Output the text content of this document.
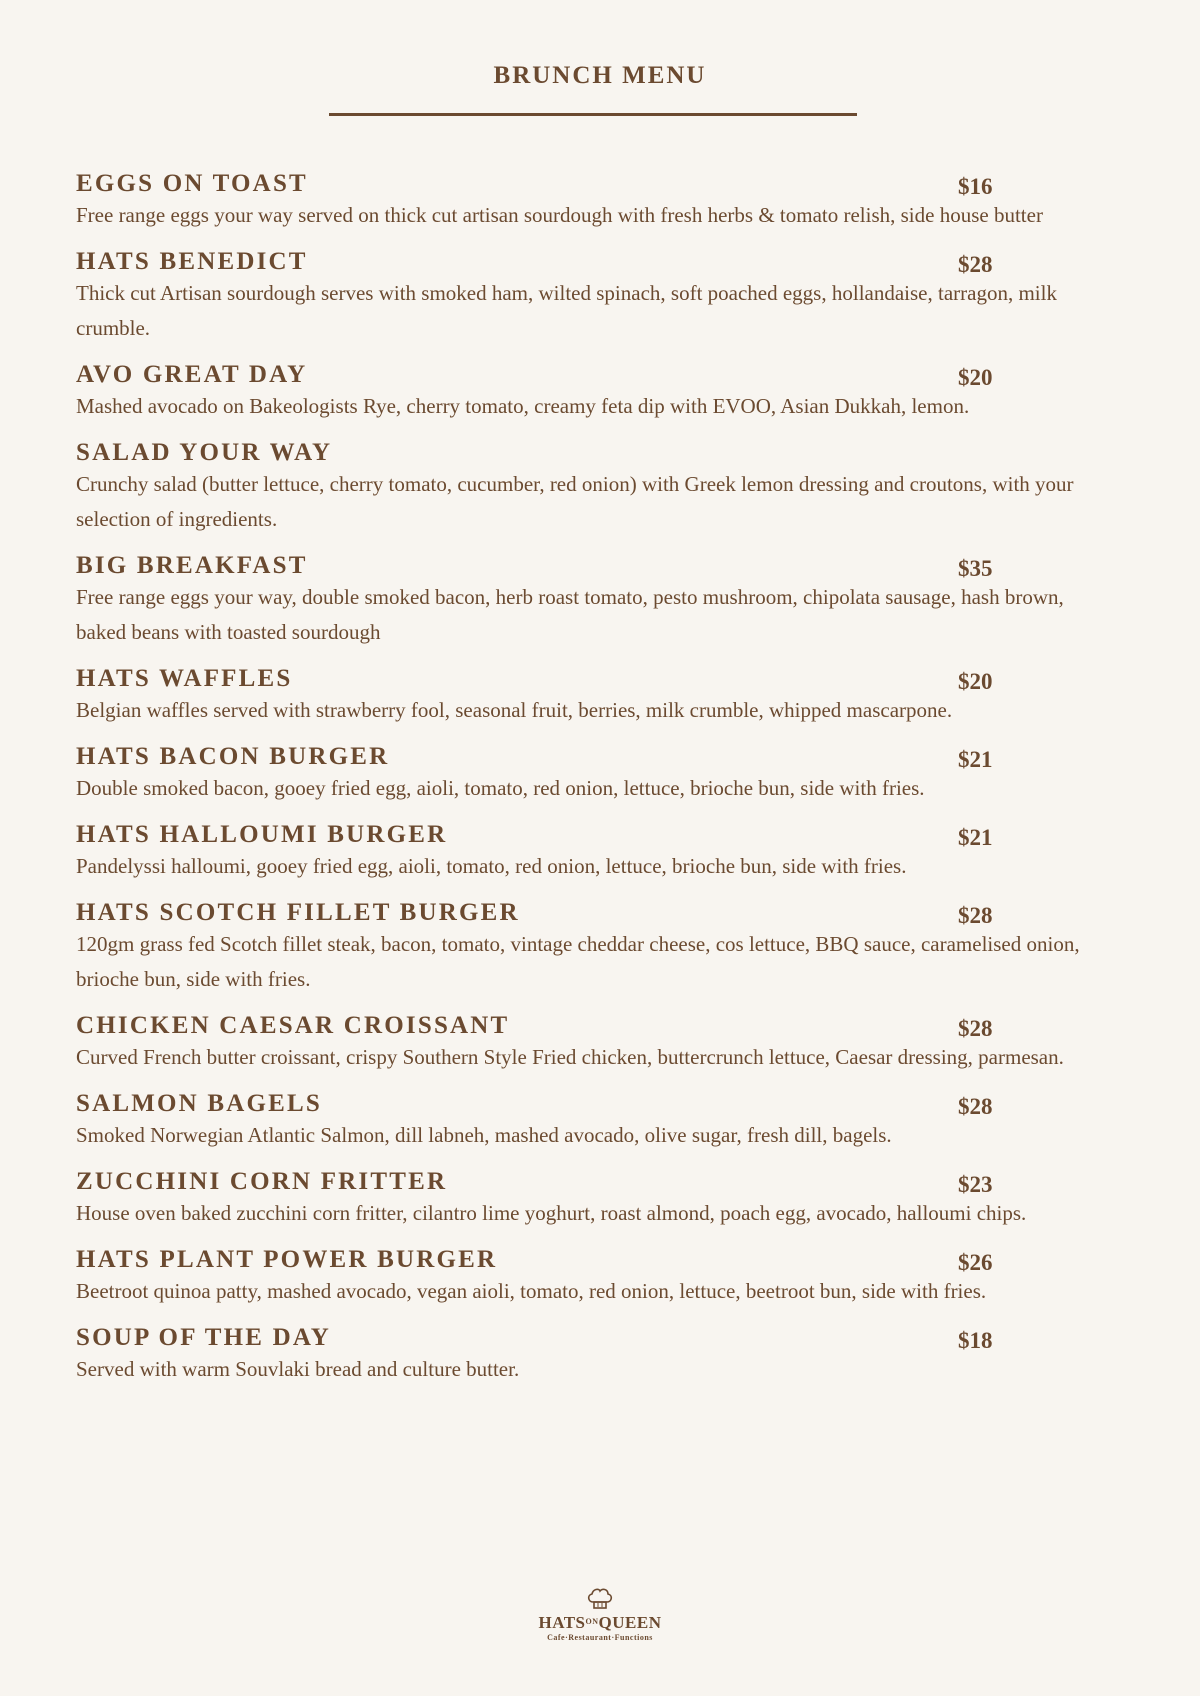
BRUNCH MENU
EGGS ON TOAST	$16
Free range eggs your way served on thick cut artisan sourdough with fresh herbs & tomato relish, side house butter
HATS BENEDICT	$28
Thick cut Artisan sourdough serves with smoked ham, wilted spinach, soft poached eggs, hollandaise, tarragon, milk crumble.
AVO GREAT DAY	$20
Mashed avocado on Bakeologists Rye, cherry tomato, creamy feta dip with EVOO, Asian Dukkah, lemon.
SALAD YOUR WAY
Crunchy salad (butter lettuce, cherry tomato, cucumber, red onion) with Greek lemon dressing and croutons, with your selection of ingredients.
BIG BREAKFAST	$35
Free range eggs your way, double smoked bacon, herb roast tomato, pesto mushroom, chipolata sausage, hash brown, baked beans with toasted sourdough
HATS WAFFLES	$20
Belgian waffles served with strawberry fool, seasonal fruit, berries, milk crumble, whipped mascarpone.
HATS BACON BURGER	$21
Double smoked bacon, gooey fried egg, aioli, tomato, red onion, lettuce, brioche bun, side with fries.
HATS HALLOUMI BURGER	$21
Pandelyssi halloumi, gooey fried egg, aioli, tomato, red onion, lettuce, brioche bun, side with fries.
HATS SCOTCH FILLET BURGER	$28
120gm grass fed Scotch fillet steak, bacon, tomato, vintage cheddar cheese, cos lettuce, BBQ sauce, caramelised onion, brioche bun, side with fries.
CHICKEN CAESAR CROISSANT	$28
Curved French butter croissant, crispy Southern Style Fried chicken, buttercrunch lettuce, Caesar dressing, parmesan.
SALMON BAGELS	$28
Smoked Norwegian Atlantic Salmon, dill labneh, mashed avocado, olive sugar, fresh dill, bagels.
ZUCCHINI CORN FRITTER	$23
House oven baked zucchini corn fritter, cilantro lime yoghurt, roast almond, poach egg, avocado, halloumi chips.
HATS PLANT POWER BURGER	$26
Beetroot quinoa patty, mashed avocado, vegan aioli, tomato, red onion, lettuce, beetroot bun, side with fries.
SOUP OF THE DAY	$18
Served with warm Souvlaki bread and culture butter.
$HATS^{ON}QUEEN$
Cafe·Restaurant·Functions
